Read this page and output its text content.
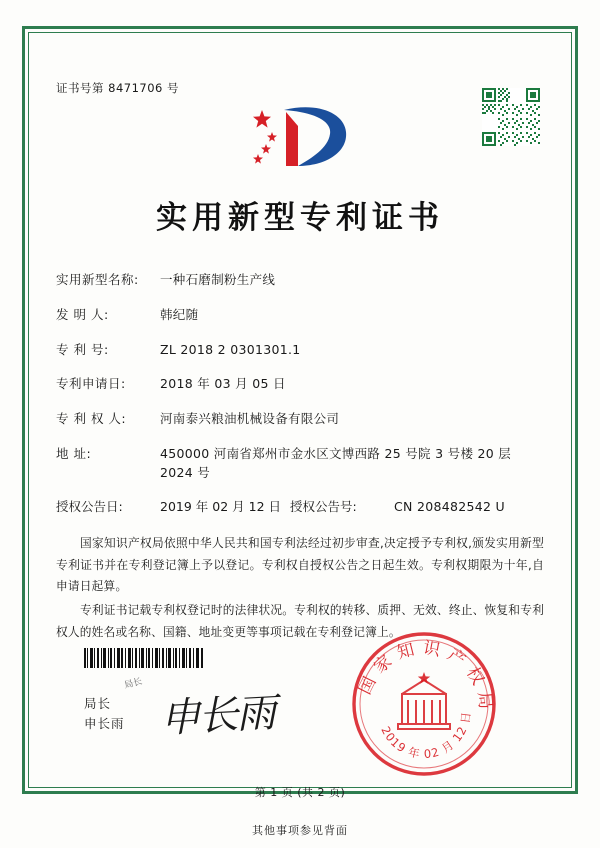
证书号第 8471706 号
实用新型专利证书
实用新型名称:	一种石磨制粉生产线
发 明 人:	韩纪随
专 利 号:	ZL 2018 2 0301301.1
专利申请日:	2018 年 03 月 05 日
专 利 权 人:	河南泰兴粮油机械设备有限公司
地 址:	450000 河南省郑州市金水区文博西路 25 号院 3 号楼 20 层 2024 号
授权公告日:	2019 年 02 月 12 日 授权公告号:	CN 208482542 U

国家知识产权局依照中华人民共和国专利法经过初步审查,决定授予专利权,颁发实用新型专利证书并在专利登记簿上予以登记。专利权自授权公告之日起生效。专利权期限为十年,自申请日起算。

专利证书记载专利权登记时的法律状况。专利权的转移、质押、无效、终止、恢复和专利权人的姓名或名称、国籍、地址变更等事项记载在专利登记簿上。

局长
申长雨
局长
申长雨
国家知识产权局
2019 年 02 月 12 日
第 1 页 (共 2 页)
其他事项参见背面
